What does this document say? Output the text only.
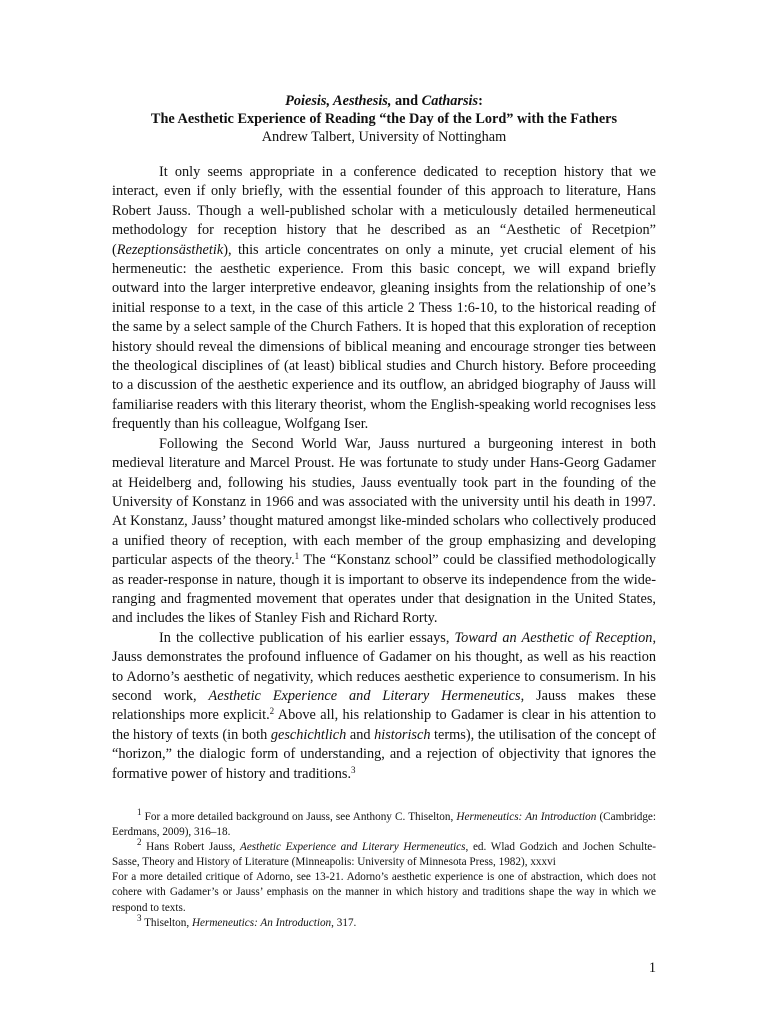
Poiesis, Aesthesis, and Catharsis:
The Aesthetic Experience of Reading “the Day of the Lord” with the Fathers
Andrew Talbert, University of Nottingham

It only seems appropriate in a conference dedicated to reception history that we interact, even if only briefly, with the essential founder of this approach to literature, Hans Robert Jauss. Though a well-published scholar with a meticulously detailed hermeneutical methodology for reception history that he described as an “Aesthetic of Recetpion” (Rezeptionsästhetik), this article concentrates on only a minute, yet crucial element of his hermeneutic: the aesthetic experience. From this basic concept, we will expand briefly outward into the larger interpretive endeavor, gleaning insights from the relationship of one’s initial response to a text, in the case of this article 2 Thess 1:6-10, to the historical reading of the same by a select sample of the Church Fathers. It is hoped that this exploration of reception history should reveal the dimensions of biblical meaning and encourage stronger ties between the theological disciplines of (at least) biblical studies and Church history. Before proceeding to a discussion of the aesthetic experience and its outflow, an abridged biography of Jauss will familiarise readers with this literary theorist, whom the English-speaking world recognises less frequently than his colleague, Wolfgang Iser.

Following the Second World War, Jauss nurtured a burgeoning interest in both medieval literature and Marcel Proust. He was fortunate to study under Hans-Georg Gadamer at Heidelberg and, following his studies, Jauss eventually took part in the founding of the University of Konstanz in 1966 and was associated with the university until his death in 1997. At Konstanz, Jauss’ thought matured amongst like-minded scholars who collectively produced a unified theory of reception, with each member of the group emphasizing and developing particular aspects of the theory.$^1$ The “Konstanz school” could be classified methodologically as reader-response in nature, though it is important to observe its independence from the wide-ranging and fragmented movement that operates under that designation in the United States, and includes the likes of Stanley Fish and Richard Rorty.

In the collective publication of his earlier essays, Toward an Aesthetic of Reception, Jauss demonstrates the profound influence of Gadamer on his thought, as well as his reaction to Adorno’s aesthetic of negativity, which reduces aesthetic experience to consumerism. In his second work, Aesthetic Experience and Literary Hermeneutics, Jauss makes these relationships more explicit.$^2$ Above all, his relationship to Gadamer is clear in his attention to the history of texts (in both geschichtlich and historisch terms), the utilisation of the concept of “horizon,” the dialogic form of understanding, and a rejection of objectivity that ignores the formative power of history and traditions.$^3$

$^1$ For a more detailed background on Jauss, see Anthony C. Thiselton, Hermeneutics: An Introduction (Cambridge: Eerdmans, 2009), 316–18.

$^2$ Hans Robert Jauss, Aesthetic Experience and Literary Hermeneutics, ed. Wlad Godzich and Jochen Schulte-Sasse, Theory and History of Literature (Minneapolis: University of Minnesota Press, 1982), xxxvi

For a more detailed critique of Adorno, see 13-21. Adorno’s aesthetic experience is one of abstraction, which does not cohere with Gadamer’s or Jauss’ emphasis on the manner in which history and traditions shape the way in which we respond to texts.

$^3$ Thiselton, Hermeneutics: An Introduction, 317.

1
